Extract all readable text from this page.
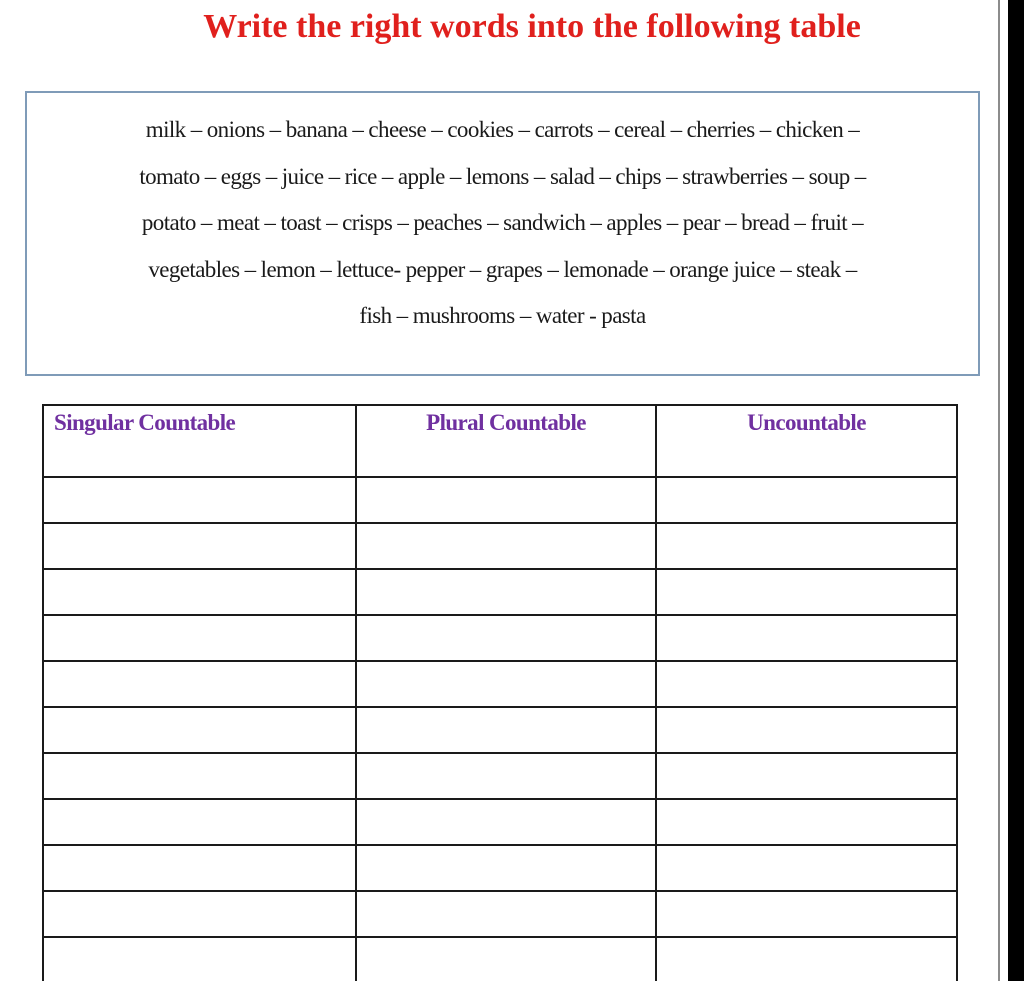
Write the right words into the following table
milk – onions – banana – cheese – cookies – carrots – cereal – cherries – chicken –
tomato – eggs – juice – rice – apple – lemons – salad – chips – strawberries – soup –
potato – meat – toast – crisps – peaches – sandwich – apples – pear – bread – fruit –
vegetables – lemon – lettuce- pepper – grapes – lemonade – orange juice – steak –
fish – mushrooms – water - pasta
Singular Countable	Plural Countable	Uncountable
